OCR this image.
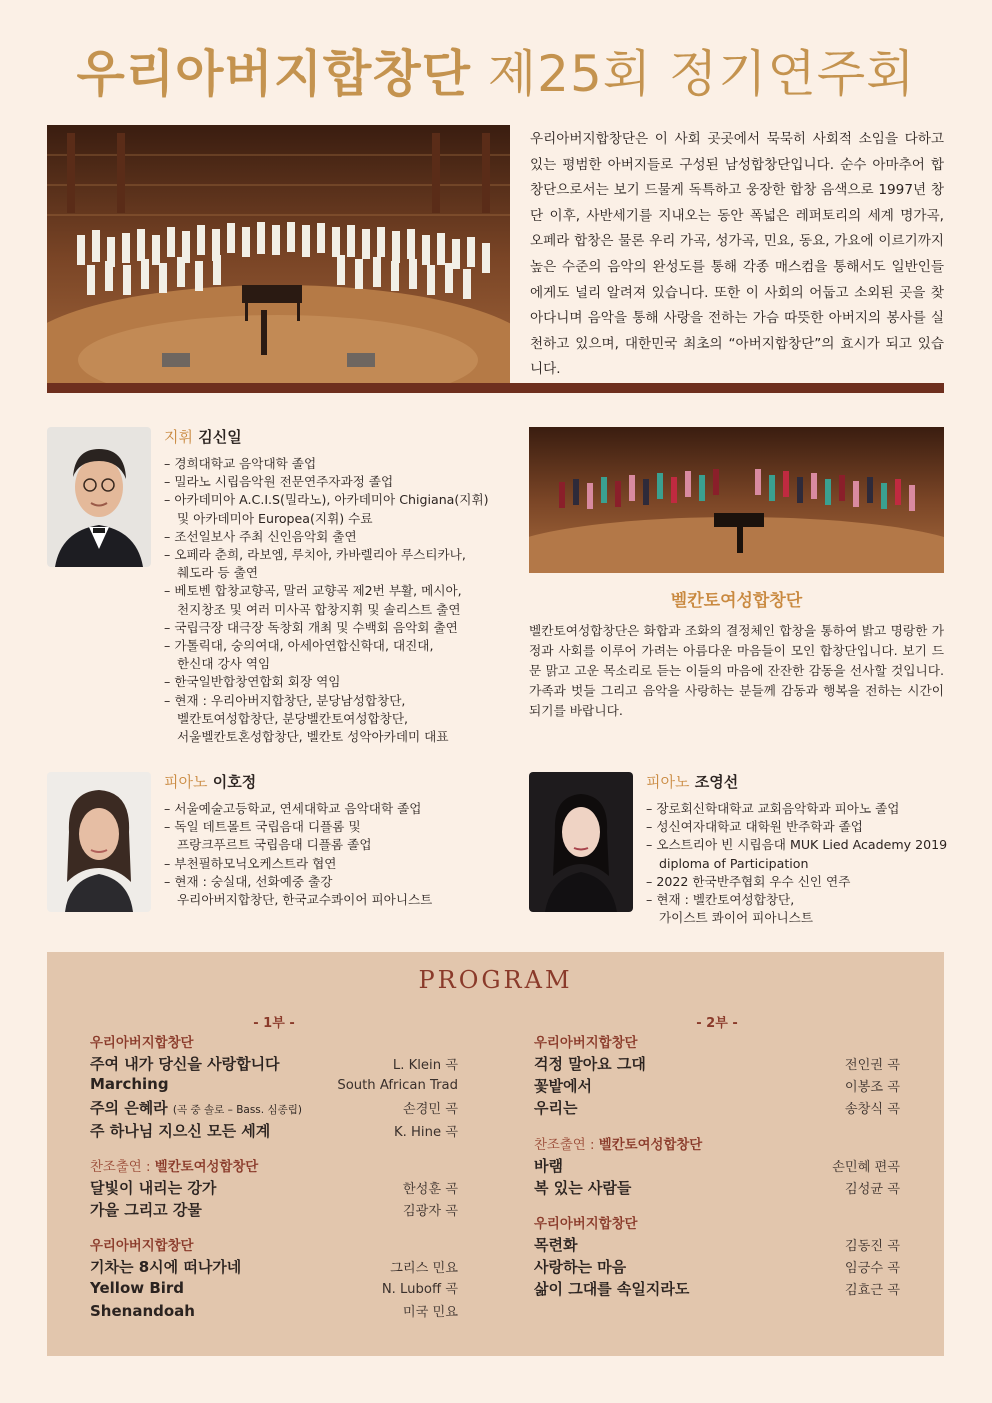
우리아버지합창단 제25회 정기연주회
우리아버지합창단은 이 사회 곳곳에서 묵묵히 사회적 소임을 다하고 있는 평범한 아버지들로 구성된 남성합창단입니다. 순수 아마추어 합창단으로서는 보기 드물게 독특하고 웅장한 합창 음색으로 1997년 창단 이후, 사반세기를 지내오는 동안 폭넓은 레퍼토리의 세계 명가곡, 오페라 합창은 물론 우리 가곡, 성가곡, 민요, 동요, 가요에 이르기까지 높은 수준의 음악의 완성도를 통해 각종 매스컴을 통해서도 일반인들에게도 널리 알려져 있습니다. 또한 이 사회의 어둡고 소외된 곳을 찾아다니며 음악을 통해 사랑을 전하는 가슴 따뜻한 아버지의 봉사를 실천하고 있으며, 대한민국 최초의 “아버지합창단”의 효시가 되고 있습니다.
지휘 김신일
– 경희대학교 음악대학 졸업
– 밀라노 시립음악원 전문연주자과정 졸업
– 아카데미아 A.C.I.S(밀라노), 아카데미아 Chigiana(지휘)
및 아카데미아 Europea(지휘) 수료
– 조선일보사 주최 신인음악회 출연
– 오페라 춘희, 라보엠, 루치아, 카바렐리아 루스티카나,
췌도라 등 출연
– 베토벤 합창교향곡, 말러 교향곡 제2번 부활, 메시아,
천지창조 및 여러 미사곡 합창지휘 및 솔리스트 출연
– 국립극장 대극장 독창회 개최 및 수백회 음악회 출연
– 가톨릭대, 숭의여대, 아세아연합신학대, 대진대,
한신대 강사 역임
– 한국일반합창연합회 회장 역임
– 현재 : 우리아버지합창단, 분당남성합창단,
벨칸토여성합창단, 분당벨칸토여성합창단,
서울벨칸토혼성합창단, 벨칸토 성악아카데미 대표
벨칸토여성합창단
벨칸토여성합창단은 화합과 조화의 결정체인 합창을 통하여 밝고 명랑한 가정과 사회를 이루어 가려는 아름다운 마음들이 모인 합창단입니다. 보기 드문 맑고 고운 목소리로 듣는 이들의 마음에 잔잔한 감동을 선사할 것입니다. 가족과 벗들 그리고 음악을 사랑하는 분들께 감동과 행복을 전하는 시간이 되기를 바랍니다.
피아노 이호정
– 서울예술고등학교, 연세대학교 음악대학 졸업
– 독일 데트몰트 국립음대 디플롬 및
프랑크푸르트 국립음대 디플롬 졸업
– 부천필하모닉오케스트라 협연
– 현재 : 숭실대, 선화예중 출강
우리아버지합창단, 한국교수콰이어 피아니스트
피아노 조영선
– 장로회신학대학교 교회음악학과 피아노 졸업
– 성신여자대학교 대학원 반주학과 졸업
– 오스트리아 빈 시립음대 MUK Lied Academy 2019
diploma of Participation
– 2022 한국반주협회 우수 신인 연주
– 현재 : 벨칸토여성합창단,
가이스트 콰이어 피아니스트
PROGRAM
- 1부 -	- 2부 -
우리아버지합창단
주여 내가 당신을 사랑합니다	L. Klein 곡
Marching	South African Trad
주의 은혜라 (곡 중 솔로 – Bass. 심종립)	손경민 곡
주 하나님 지으신 모든 세계	K. Hine 곡
찬조출연 : 벨칸토여성합창단
달빛이 내리는 강가	한성훈 곡
가을 그리고 강물	김광자 곡
우리아버지합창단
기차는 8시에 떠나가네	그리스 민요
Yellow Bird	N. Luboff 곡
Shenandoah	미국 민요
우리아버지합창단
걱정 말아요 그대	전인권 곡
꽃밭에서	이봉조 곡
우리는	송창식 곡
찬조출연 : 벨칸토여성합창단
바램	손민혜 편곡
복 있는 사람들	김성균 곡
우리아버지합창단
목련화	김동진 곡
사랑하는 마음	임긍수 곡
삶이 그대를 속일지라도	김효근 곡
